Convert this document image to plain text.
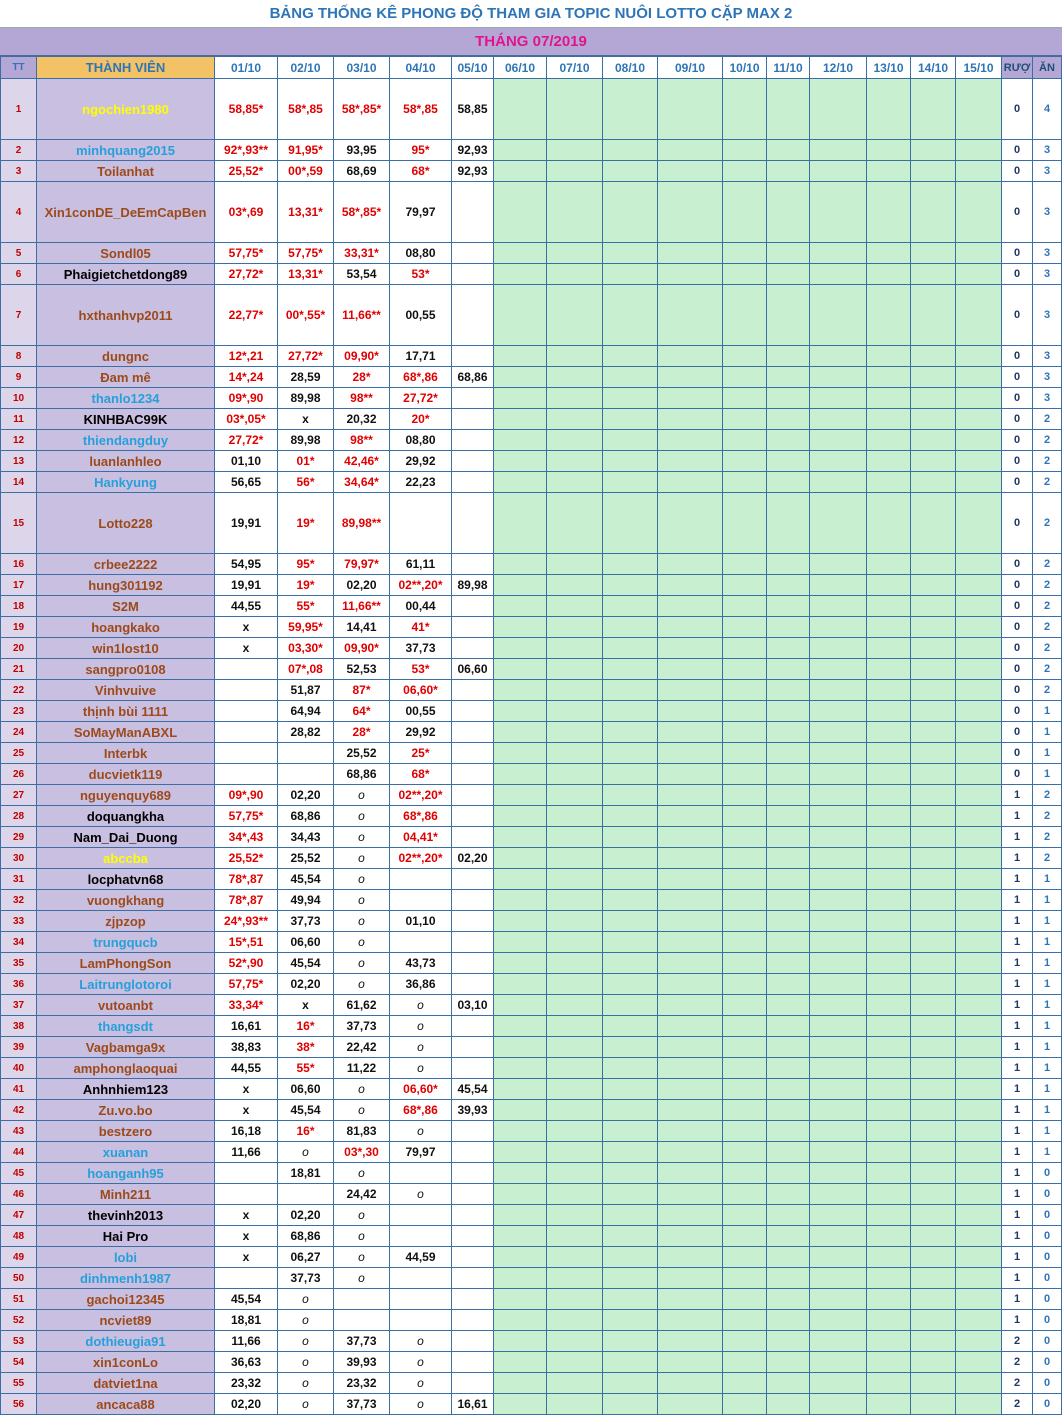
BẢNG THỐNG KÊ PHONG ĐỘ THAM GIA TOPIC NUÔI LOTTO CẶP MAX 2
THÁNG 07/2019
TT	THÀNH VIÊN	01/10	02/10	03/10	04/10	05/10	06/10	07/10	08/10	09/10	10/10	11/10	12/10	13/10	14/10	15/10	RƯỢ	ĂN
1	ngochien1980	58,85*	58*,85	58*,85*	58*,85	58,85											0	4
2	minhquang2015	92*,93**	91,95*	93,95	95*	92,93											0	3
3	Toilanhat	25,52*	00*,59	68,69	68*	92,93											0	3
4	Xin1conDE_DeEmCapBen	03*,69	13,31*	58*,85*	79,97												0	3
5	Sondl05	57,75*	57,75*	33,31*	08,80												0	3
6	Phaigietchetdong89	27,72*	13,31*	53,54	53*												0	3
7	hxthanhvp2011	22,77*	00*,55*	11,66**	00,55												0	3
8	dungnc	12*,21	27,72*	09,90*	17,71												0	3
9	Đam mê	14*,24	28,59	28*	68*,86	68,86											0	3
10	thanlo1234	09*,90	89,98	98**	27,72*												0	3
11	KINHBAC99K	03*,05*	x	20,32	20*												0	2
12	thiendangduy	27,72*	89,98	98**	08,80												0	2
13	luanlanhleo	01,10	01*	42,46*	29,92												0	2
14	Hankyung	56,65	56*	34,64*	22,23												0	2
15	Lotto228	19,91	19*	89,98**													0	2
16	crbee2222	54,95	95*	79,97*	61,11												0	2
17	hung301192	19,91	19*	02,20	02**,20*	89,98											0	2
18	S2M	44,55	55*	11,66**	00,44												0	2
19	hoangkako	x	59,95*	14,41	41*												0	2
20	win1lost10	x	03,30*	09,90*	37,73												0	2
21	sangpro0108		07*,08	52,53	53*	06,60											0	2
22	Vinhvuive		51,87	87*	06,60*												0	2
23	thịnh bùi 1111		64,94	64*	00,55												0	1
24	SoMayManABXL		28,82	28*	29,92												0	1
25	Interbk			25,52	25*												0	1
26	ducvietk119			68,86	68*												0	1
27	nguyenquy689	09*,90	02,20	o	02**,20*												1	2
28	doquangkha	57,75*	68,86	o	68*,86												1	2
29	Nam_Dai_Duong	34*,43	34,43	o	04,41*												1	2
30	abccba	25,52*	25,52	o	02**,20*	02,20											1	2
31	locphatvn68	78*,87	45,54	o													1	1
32	vuongkhang	78*,87	49,94	o													1	1
33	zjpzop	24*,93**	37,73	o	01,10												1	1
34	trungqucb	15*,51	06,60	o													1	1
35	LamPhongSon	52*,90	45,54	o	43,73												1	1
36	Laitrunglotoroi	57,75*	02,20	o	36,86												1	1
37	vutoanbt	33,34*	x	61,62	o	03,10											1	1
38	thangsdt	16,61	16*	37,73	o												1	1
39	Vagbamga9x	38,83	38*	22,42	o												1	1
40	amphonglaoquai	44,55	55*	11,22	o												1	1
41	Anhnhiem123	x	06,60	o	06,60*	45,54											1	1
42	Zu.vo.bo	x	45,54	o	68*,86	39,93											1	1
43	bestzero	16,18	16*	81,83	o												1	1
44	xuanan	11,66	o	03*,30	79,97												1	1
45	hoanganh95		18,81	o													1	0
46	Minh211			24,42	o												1	0
47	thevinh2013	x	02,20	o													1	0
48	Hai Pro	x	68,86	o													1	0
49	lobi	x	06,27	o	44,59												1	0
50	dinhmenh1987		37,73	o													1	0
51	gachoi12345	45,54	o														1	0
52	ncviet89	18,81	o														1	0
53	dothieugia91	11,66	o	37,73	o												2	0
54	xin1conLo	36,63	o	39,93	o												2	0
55	datviet1na	23,32	o	23,32	o												2	0
56	ancaca88	02,20	o	37,73	o	16,61											2	0
